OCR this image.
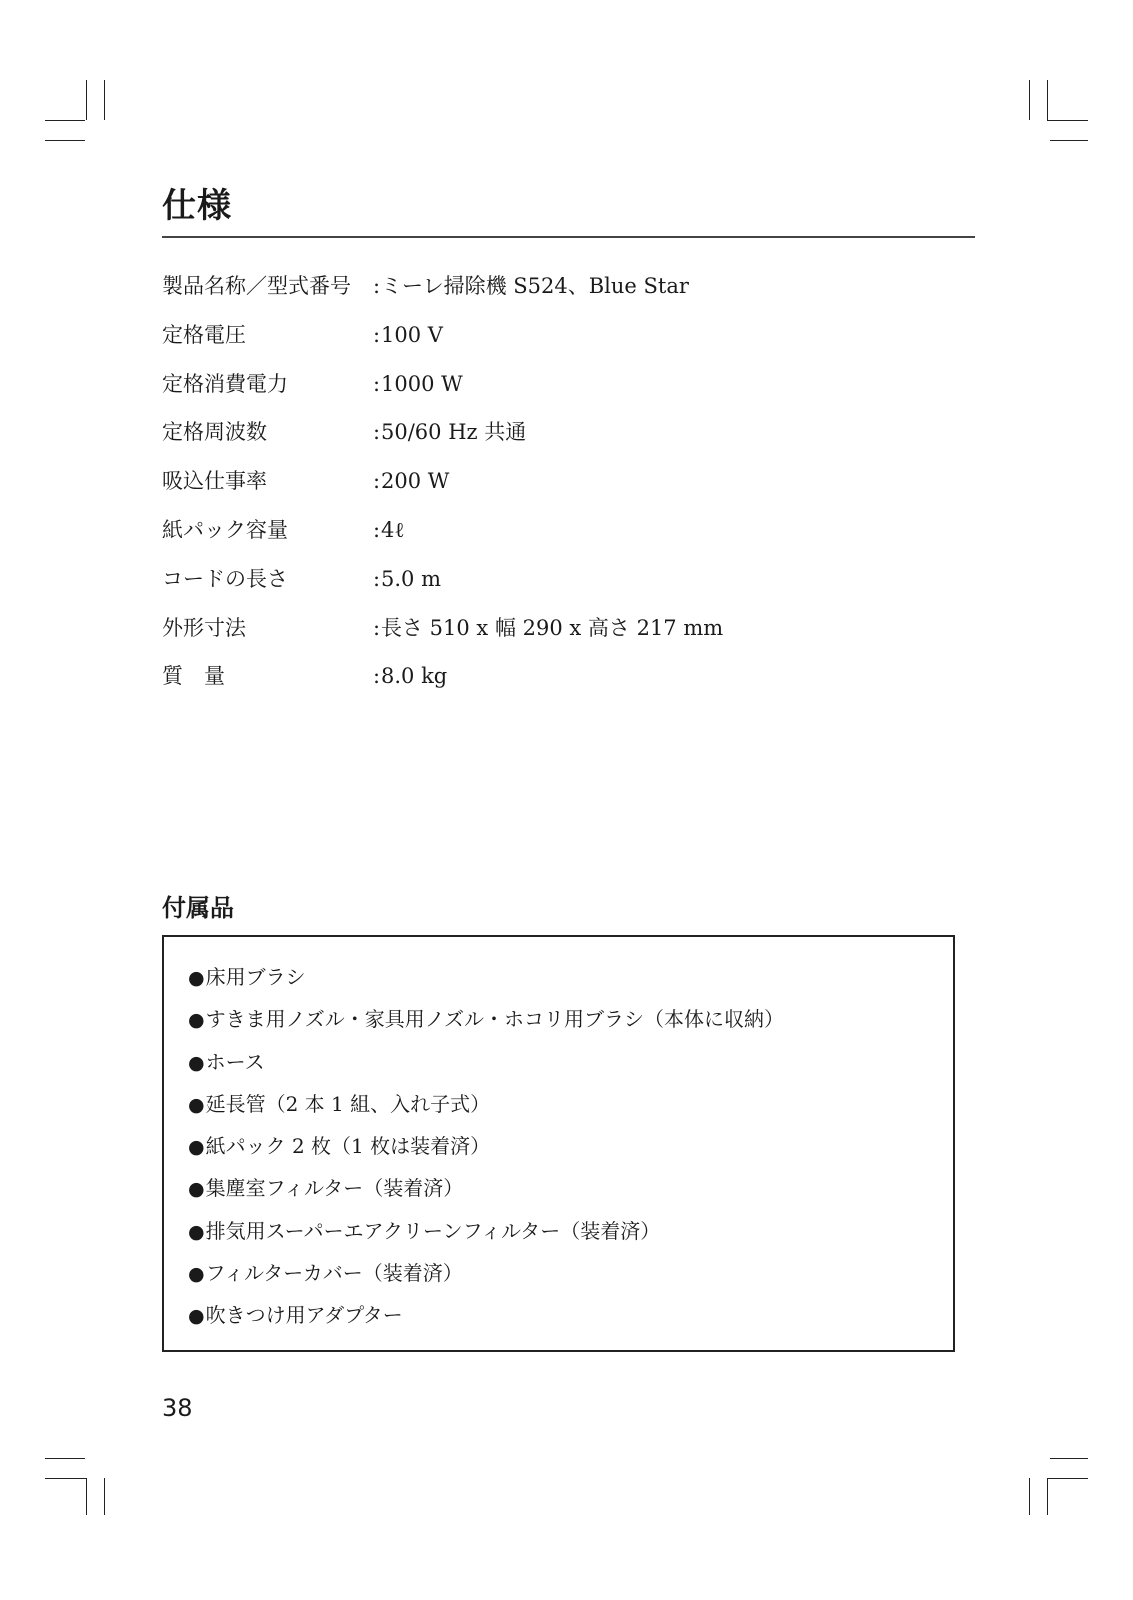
仕様
製品名称／型式番号 : ミーレ掃除機 S524、Blue Star
定格電圧	: 100 V
定格消費電力	: 1000 W
定格周波数	: 50/60 Hz 共通
吸込仕事率	: 200 W
紙パック容量	: 4ℓ
コードの長さ	: 5.0 m
外形寸法	: 長さ 510 x 幅 290 x 高さ 217 mm
質　量	: 8.0 kg
付属品
●床用ブラシ
●すきま用ノズル・家具用ノズル・ホコリ用ブラシ（本体に収納）
●ホース
●延長管（2 本 1 組、入れ子式）
●紙パック 2 枚（1 枚は装着済）
●集塵室フィルター（装着済）
●排気用スーパーエアクリーンフィルター（装着済）
●フィルターカバー（装着済）
●吹きつけ用アダプター
38
